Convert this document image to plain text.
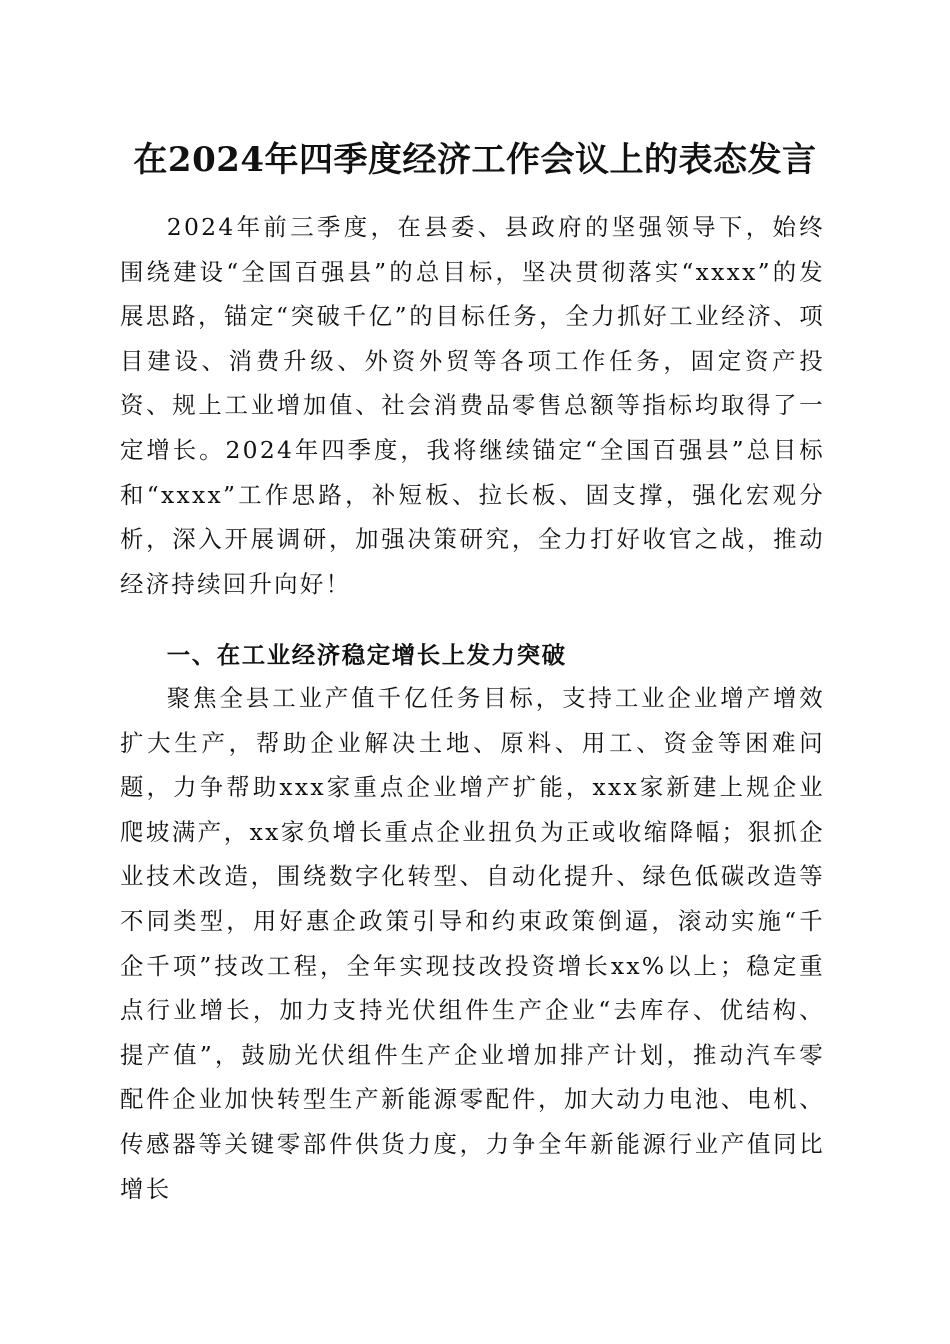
在2024年四季度经济工作会议上的表态发言

2024年前三季度，在县委、县政府的坚强领导下，始终围绕建设“全国百强县”的总目标，坚决贯彻落实“xxxx”的发展思路，锚定“突破千亿”的目标任务，全力抓好工业经济、项目建设、消费升级、外资外贸等各项工作任务，固定资产投资、规上工业增加值、社会消费品零售总额等指标均取得了一定增长。2024年四季度，我将继续锚定“全国百强县”总目标和“xxxx”工作思路，补短板、拉长板、固支撑，强化宏观分析，深入开展调研，加强决策研究，全力打好收官之战，推动经济持续回升向好！

一、在工业经济稳定增长上发力突破

聚焦全县工业产值千亿任务目标，支持工业企业增产增效扩大生产，帮助企业解决土地、原料、用工、资金等困难问题，力争帮助xxx家重点企业增产扩能，xxx家新建上规企业爬坡满产，xx家负增长重点企业扭负为正或收缩降幅；狠抓企业技术改造，围绕数字化转型、自动化提升、绿色低碳改造等不同类型，用好惠企政策引导和约束政策倒逼，滚动实施“千企千项”技改工程，全年实现技改投资增长xx%以上；稳定重点行业增长，加力支持光伏组件生产企业“去库存、优结构、提产值”，鼓励光伏组件生产企业增加排产计划，推动汽车零配件企业加快转型生产新能源零配件，加大动力电池、电机、传感器等关键零部件供货力度，力争全年新能源行业产值同比增长
